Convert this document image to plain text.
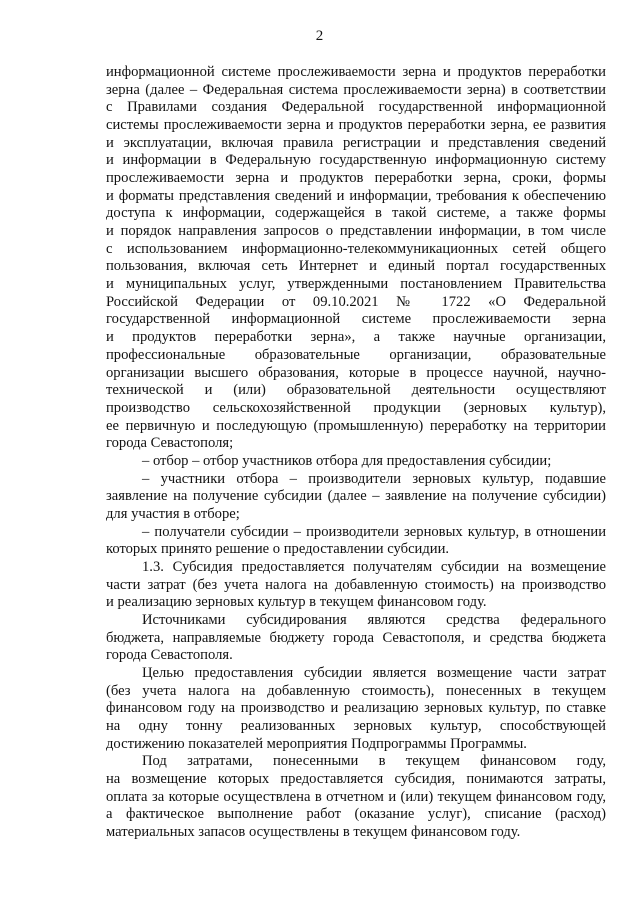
2
информационной системе прослеживаемости зерна и продуктов переработки
зерна (далее – Федеральная система прослеживаемости зерна) в соответствии
с Правилами создания Федеральной государственной информационной
системы прослеживаемости зерна и продуктов переработки зерна, ее развития
и эксплуатации, включая правила регистрации и представления сведений
и информации в Федеральную государственную информационную систему
прослеживаемости зерна и продуктов переработки зерна, сроки, формы
и форматы представления сведений и информации, требования к обеспечению
доступа к информации, содержащейся в такой системе, а также формы
и порядок направления запросов о представлении информации, в том числе
с использованием информационно-телекоммуникационных сетей общего
пользования, включая сеть Интернет и единый портал государственных
и муниципальных услуг, утвержденными постановлением Правительства
Российской Федерации от 09.10.2021 № 1722 «О Федеральной
государственной информационной системе прослеживаемости зерна
и продуктов переработки зерна», а также научные организации,
профессиональные образовательные организации, образовательные
организации высшего образования, которые в процессе научной, научно-
технической и (или) образовательной деятельности осуществляют
производство сельскохозяйственной продукции (зерновых культур),
ее первичную и последующую (промышленную) переработку на территории
города Севастополя;
– отбор – отбор участников отбора для предоставления субсидии;
– участники отбора – производители зерновых культур, подавшие
заявление на получение субсидии (далее – заявление на получение субсидии)
для участия в отборе;
– получатели субсидии – производители зерновых культур, в отношении
которых принято решение о предоставлении субсидии.
1.3. Субсидия предоставляется получателям субсидии на возмещение
части затрат (без учета налога на добавленную стоимость) на производство
и реализацию зерновых культур в текущем финансовом году.
Источниками субсидирования являются средства федерального
бюджета, направляемые бюджету города Севастополя, и средства бюджета
города Севастополя.
Целью предоставления субсидии является возмещение части затрат
(без учета налога на добавленную стоимость), понесенных в текущем
финансовом году на производство и реализацию зерновых культур, по ставке
на одну тонну реализованных зерновых культур, способствующей
достижению показателей мероприятия Подпрограммы Программы.
Под затратами, понесенными в текущем финансовом году,
на возмещение которых предоставляется субсидия, понимаются затраты,
оплата за которые осуществлена в отчетном и (или) текущем финансовом году,
а фактическое выполнение работ (оказание услуг), списание (расход)
материальных запасов осуществлены в текущем финансовом году.
